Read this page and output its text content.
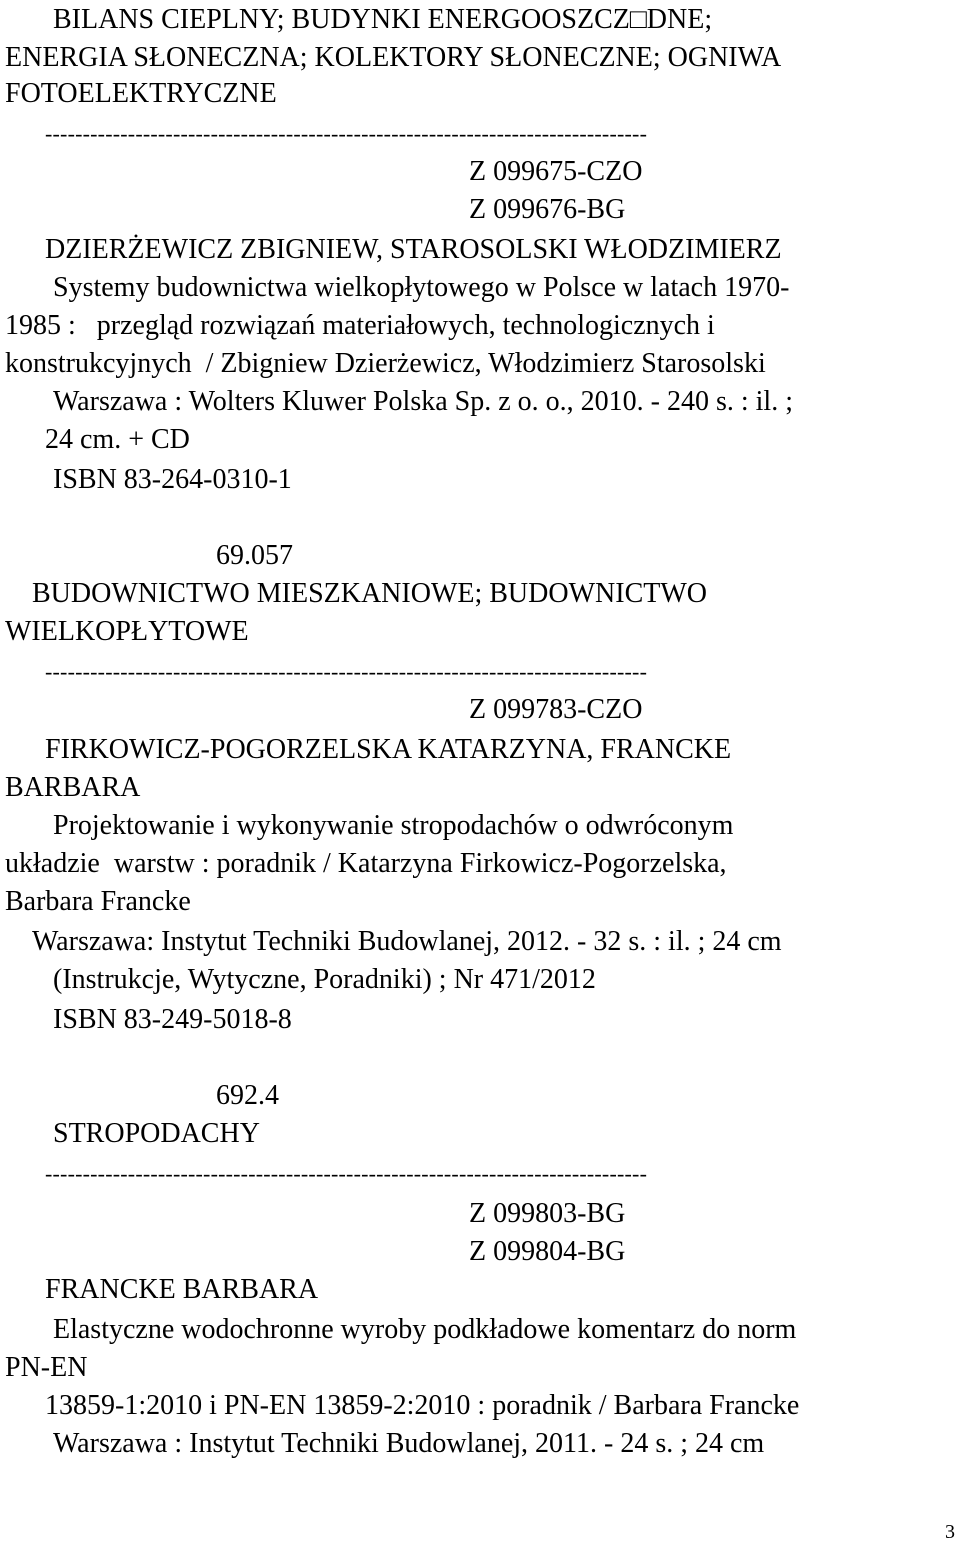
BILANS CIEPLNY; BUDYNKI ENERGOOSZCZ□DNE;
ENERGIA SŁONECZNA; KOLEKTORY SŁONECZNE; OGNIWA
FOTOELEKTRYCZNE
--------------------------------------------------------------------------------
Z 099675-CZO
Z 099676-BG
DZIERŻEWICZ ZBIGNIEW, STAROSOLSKI WŁODZIMIERZ
Systemy budownictwa wielkopłytowego w Polsce w latach 1970-
1985 :   przegląd rozwiązań materiałowych, technologicznych i
konstrukcyjnych  / Zbigniew Dzierżewicz, Włodzimierz Starosolski
Warszawa : Wolters Kluwer Polska Sp. z o. o., 2010. - 240 s. : il. ;
24 cm. + CD
ISBN 83-264-0310-1
69.057
BUDOWNICTWO MIESZKANIOWE; BUDOWNICTWO
WIELKOPŁYTOWE
--------------------------------------------------------------------------------
Z 099783-CZO
FIRKOWICZ-POGORZELSKA KATARZYNA, FRANCKE
BARBARA
Projektowanie i wykonywanie stropodachów o odwróconym
układzie  warstw : poradnik / Katarzyna Firkowicz-Pogorzelska,
Barbara Francke
Warszawa: Instytut Techniki Budowlanej, 2012. - 32 s. : il. ; 24 cm
(Instrukcje, Wytyczne, Poradniki) ; Nr 471/2012
ISBN 83-249-5018-8
692.4
STROPODACHY
--------------------------------------------------------------------------------
Z 099803-BG
Z 099804-BG
FRANCKE BARBARA
Elastyczne wodochronne wyroby podkładowe komentarz do norm
PN-EN
13859-1:2010 i PN-EN 13859-2:2010 : poradnik / Barbara Francke
Warszawa : Instytut Techniki Budowlanej, 2011. - 24 s. ; 24 cm
3
